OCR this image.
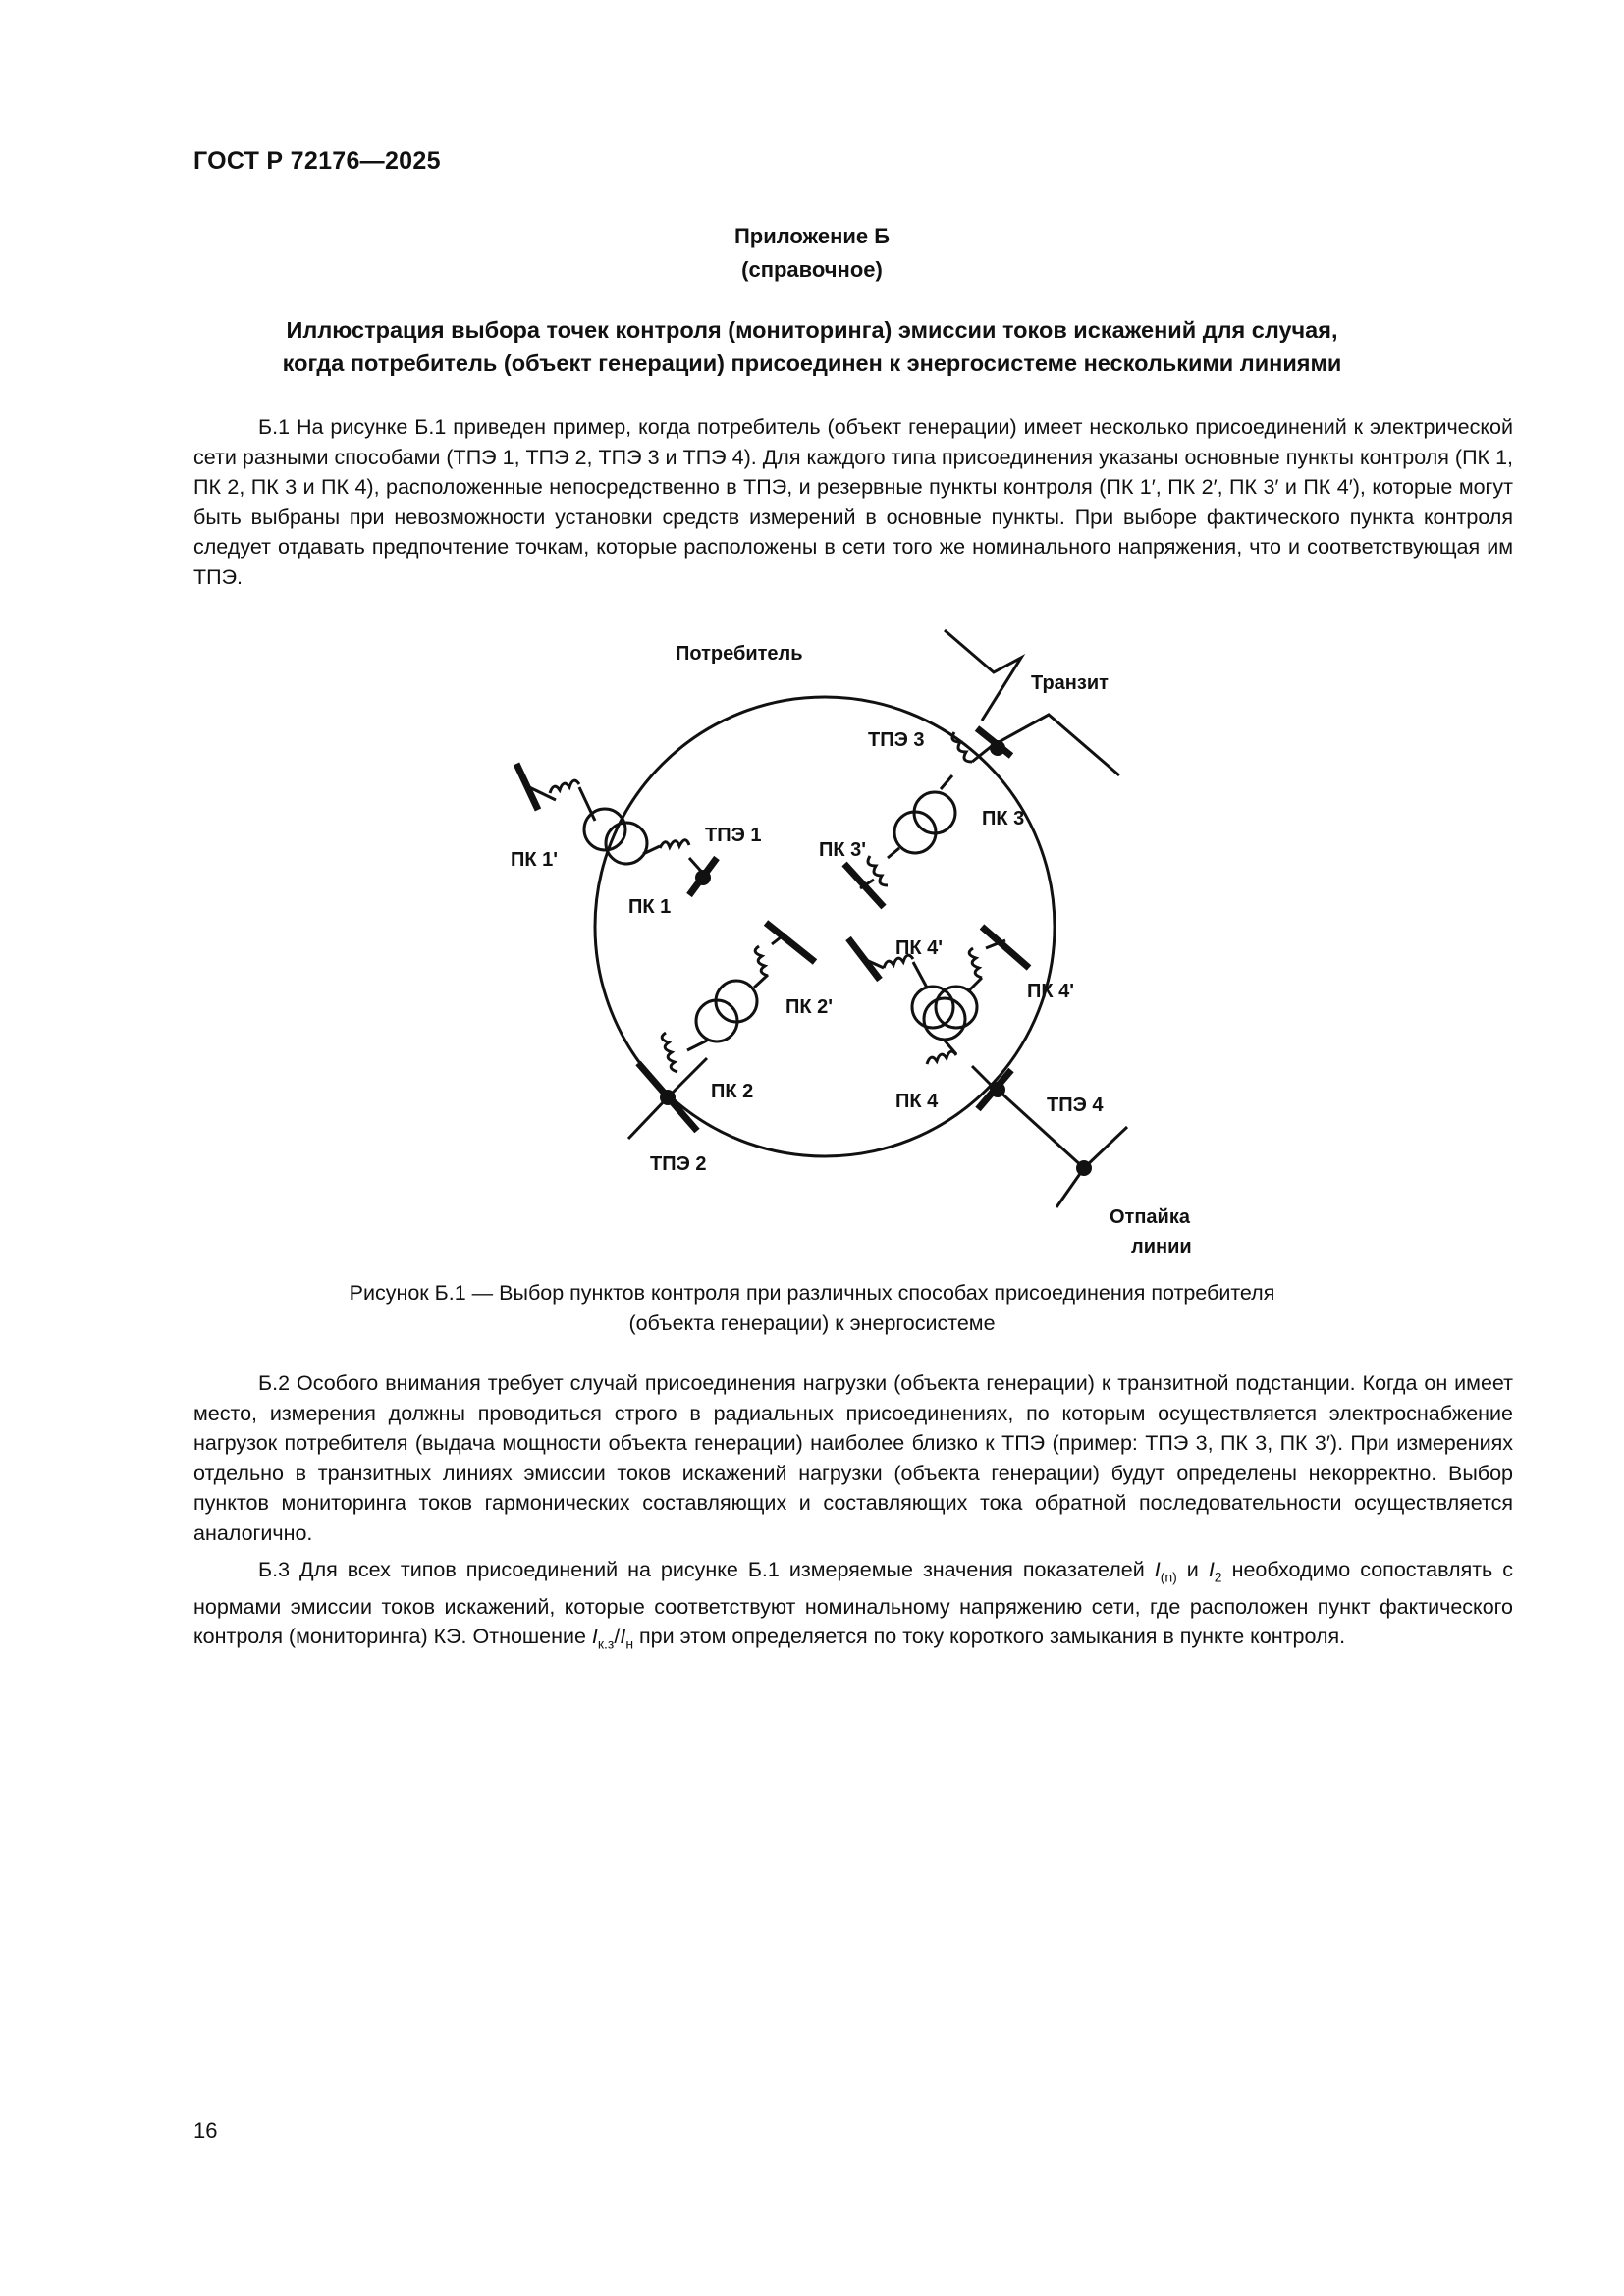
ГОСТ Р 72176—2025
Приложение Б
(справочное)
Иллюстрация выбора точек контроля (мониторинга) эмиссии токов искажений для случая,
когда потребитель (объект генерации) присоединен к энергосистеме несколькими линиями

Б.1 На рисунке Б.1 приведен пример, когда потребитель (объект генерации) имеет несколько присоединений к электрической сети разными способами (ТПЭ 1, ТПЭ 2, ТПЭ 3 и ТПЭ 4). Для каждого типа присоединения указаны основные пункты контроля (ПК 1, ПК 2, ПК 3 и ПК 4), расположенные непосредственно в ТПЭ, и резервные пункты контроля (ПК 1′, ПК 2′, ПК 3′ и ПК 4′), которые могут быть выбраны при невозможности установки средств измерений в основные пункты. При выборе фактического пункта контроля следует отдавать предпочтение точкам, которые расположены в сети того же номинального напряжения, что и соответствующая им ТПЭ.

Потребитель
Транзит
ТПЭ 3
ПК 3
ПК 3'
ТПЭ 1
ПК 1'
ПК 1
ПК 4'
ПК 4'
ПК 2'
ПК 2	ПК 4	ТПЭ 4
ТПЭ 2
Отпайка
линии
Рисунок Б.1 — Выбор пунктов контроля при различных способах присоединения потребителя
(объекта генерации) к энергосистеме

Б.2 Особого внимания требует случай присоединения нагрузки (объекта генерации) к транзитной подстанции. Когда он имеет место, измерения должны проводиться строго в радиальных присоединениях, по которым осуществляется электроснабжение нагрузок потребителя (выдача мощности объекта генерации) наиболее близко к ТПЭ (пример: ТПЭ 3, ПК 3, ПК 3′). При измерениях отдельно в транзитных линиях эмиссии токов искажений нагрузки (объекта генерации) будут определены некорректно. Выбор пунктов мониторинга токов гармонических составляющих и составляющих тока обратной последовательности осуществляется аналогично.

Б.3 Для всех типов присоединений на рисунке Б.1 измеряемые значения показателей $I_{(n)}$ и $I_2$ необходимо сопоставлять с нормами эмиссии токов искажений, которые соответствуют номинальному напряжению сети, где расположен пункт фактического контроля (мониторинга) КЭ. Отношение $I_{к.з}/I_н$ при этом определяется по току короткого замыкания в пункте контроля.

16
